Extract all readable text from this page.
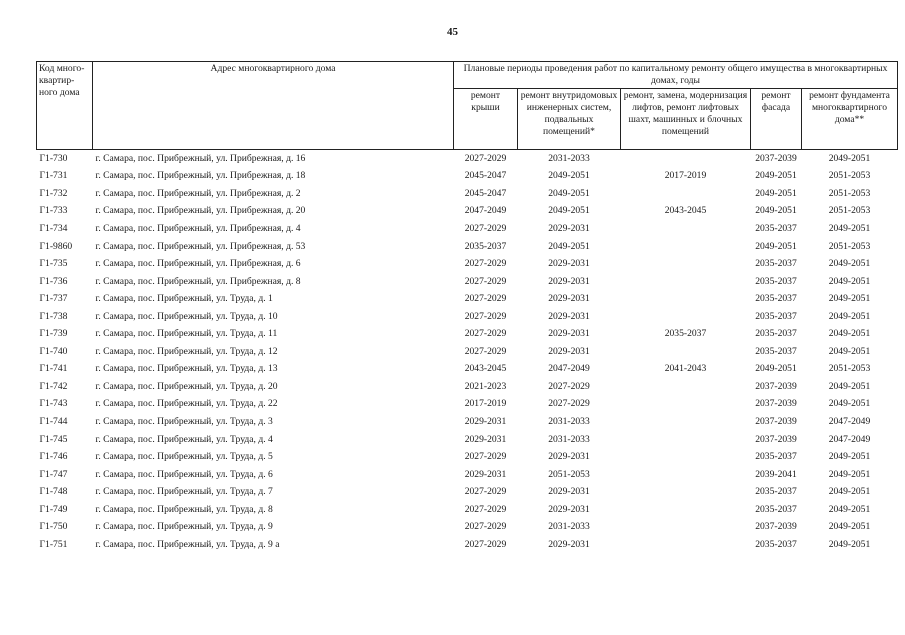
45
Код много-квартир-ного дома	Адрес многоквартирного дома	Плановые периоды проведения работ по капитальному ремонту общего имущества в многоквартирных домах, годы				
		ремонт крыши	ремонт внутридомовых инженерных систем, подвальных помещений*	ремонт, замена, модернизация лифтов, ремонт лифтовых шахт, машинных и блочных помещений	ремонт фасада	ремонт фундамента многоквартирного дома**
Г1-730	г. Самара, пос. Прибрежный, ул. Прибрежная, д. 16	2027-2029	2031-2033		2037-2039	2049-2051
Г1-731	г. Самара, пос. Прибрежный, ул. Прибрежная, д. 18	2045-2047	2049-2051	2017-2019	2049-2051	2051-2053
Г1-732	г. Самара, пос. Прибрежный, ул. Прибрежная, д. 2	2045-2047	2049-2051		2049-2051	2051-2053
Г1-733	г. Самара, пос. Прибрежный, ул. Прибрежная, д. 20	2047-2049	2049-2051	2043-2045	2049-2051	2051-2053
Г1-734	г. Самара, пос. Прибрежный, ул. Прибрежная, д. 4	2027-2029	2029-2031		2035-2037	2049-2051
Г1-9860	г. Самара, пос. Прибрежный, ул. Прибрежная, д. 53	2035-2037	2049-2051		2049-2051	2051-2053
Г1-735	г. Самара, пос. Прибрежный, ул. Прибрежная, д. 6	2027-2029	2029-2031		2035-2037	2049-2051
Г1-736	г. Самара, пос. Прибрежный, ул. Прибрежная, д. 8	2027-2029	2029-2031		2035-2037	2049-2051
Г1-737	г. Самара, пос. Прибрежный, ул. Труда, д. 1	2027-2029	2029-2031		2035-2037	2049-2051
Г1-738	г. Самара, пос. Прибрежный, ул. Труда, д. 10	2027-2029	2029-2031		2035-2037	2049-2051
Г1-739	г. Самара, пос. Прибрежный, ул. Труда, д. 11	2027-2029	2029-2031	2035-2037	2035-2037	2049-2051
Г1-740	г. Самара, пос. Прибрежный, ул. Труда, д. 12	2027-2029	2029-2031		2035-2037	2049-2051
Г1-741	г. Самара, пос. Прибрежный, ул. Труда, д. 13	2043-2045	2047-2049	2041-2043	2049-2051	2051-2053
Г1-742	г. Самара, пос. Прибрежный, ул. Труда, д. 20	2021-2023	2027-2029		2037-2039	2049-2051
Г1-743	г. Самара, пос. Прибрежный, ул. Труда, д. 22	2017-2019	2027-2029		2037-2039	2049-2051
Г1-744	г. Самара, пос. Прибрежный, ул. Труда, д. 3	2029-2031	2031-2033		2037-2039	2047-2049
Г1-745	г. Самара, пос. Прибрежный, ул. Труда, д. 4	2029-2031	2031-2033		2037-2039	2047-2049
Г1-746	г. Самара, пос. Прибрежный, ул. Труда, д. 5	2027-2029	2029-2031		2035-2037	2049-2051
Г1-747	г. Самара, пос. Прибрежный, ул. Труда, д. 6	2029-2031	2051-2053		2039-2041	2049-2051
Г1-748	г. Самара, пос. Прибрежный, ул. Труда, д. 7	2027-2029	2029-2031		2035-2037	2049-2051
Г1-749	г. Самара, пос. Прибрежный, ул. Труда, д. 8	2027-2029	2029-2031		2035-2037	2049-2051
Г1-750	г. Самара, пос. Прибрежный, ул. Труда, д. 9	2027-2029	2031-2033		2037-2039	2049-2051
Г1-751	г. Самара, пос. Прибрежный, ул. Труда, д. 9 а	2027-2029	2029-2031		2035-2037	2049-2051
